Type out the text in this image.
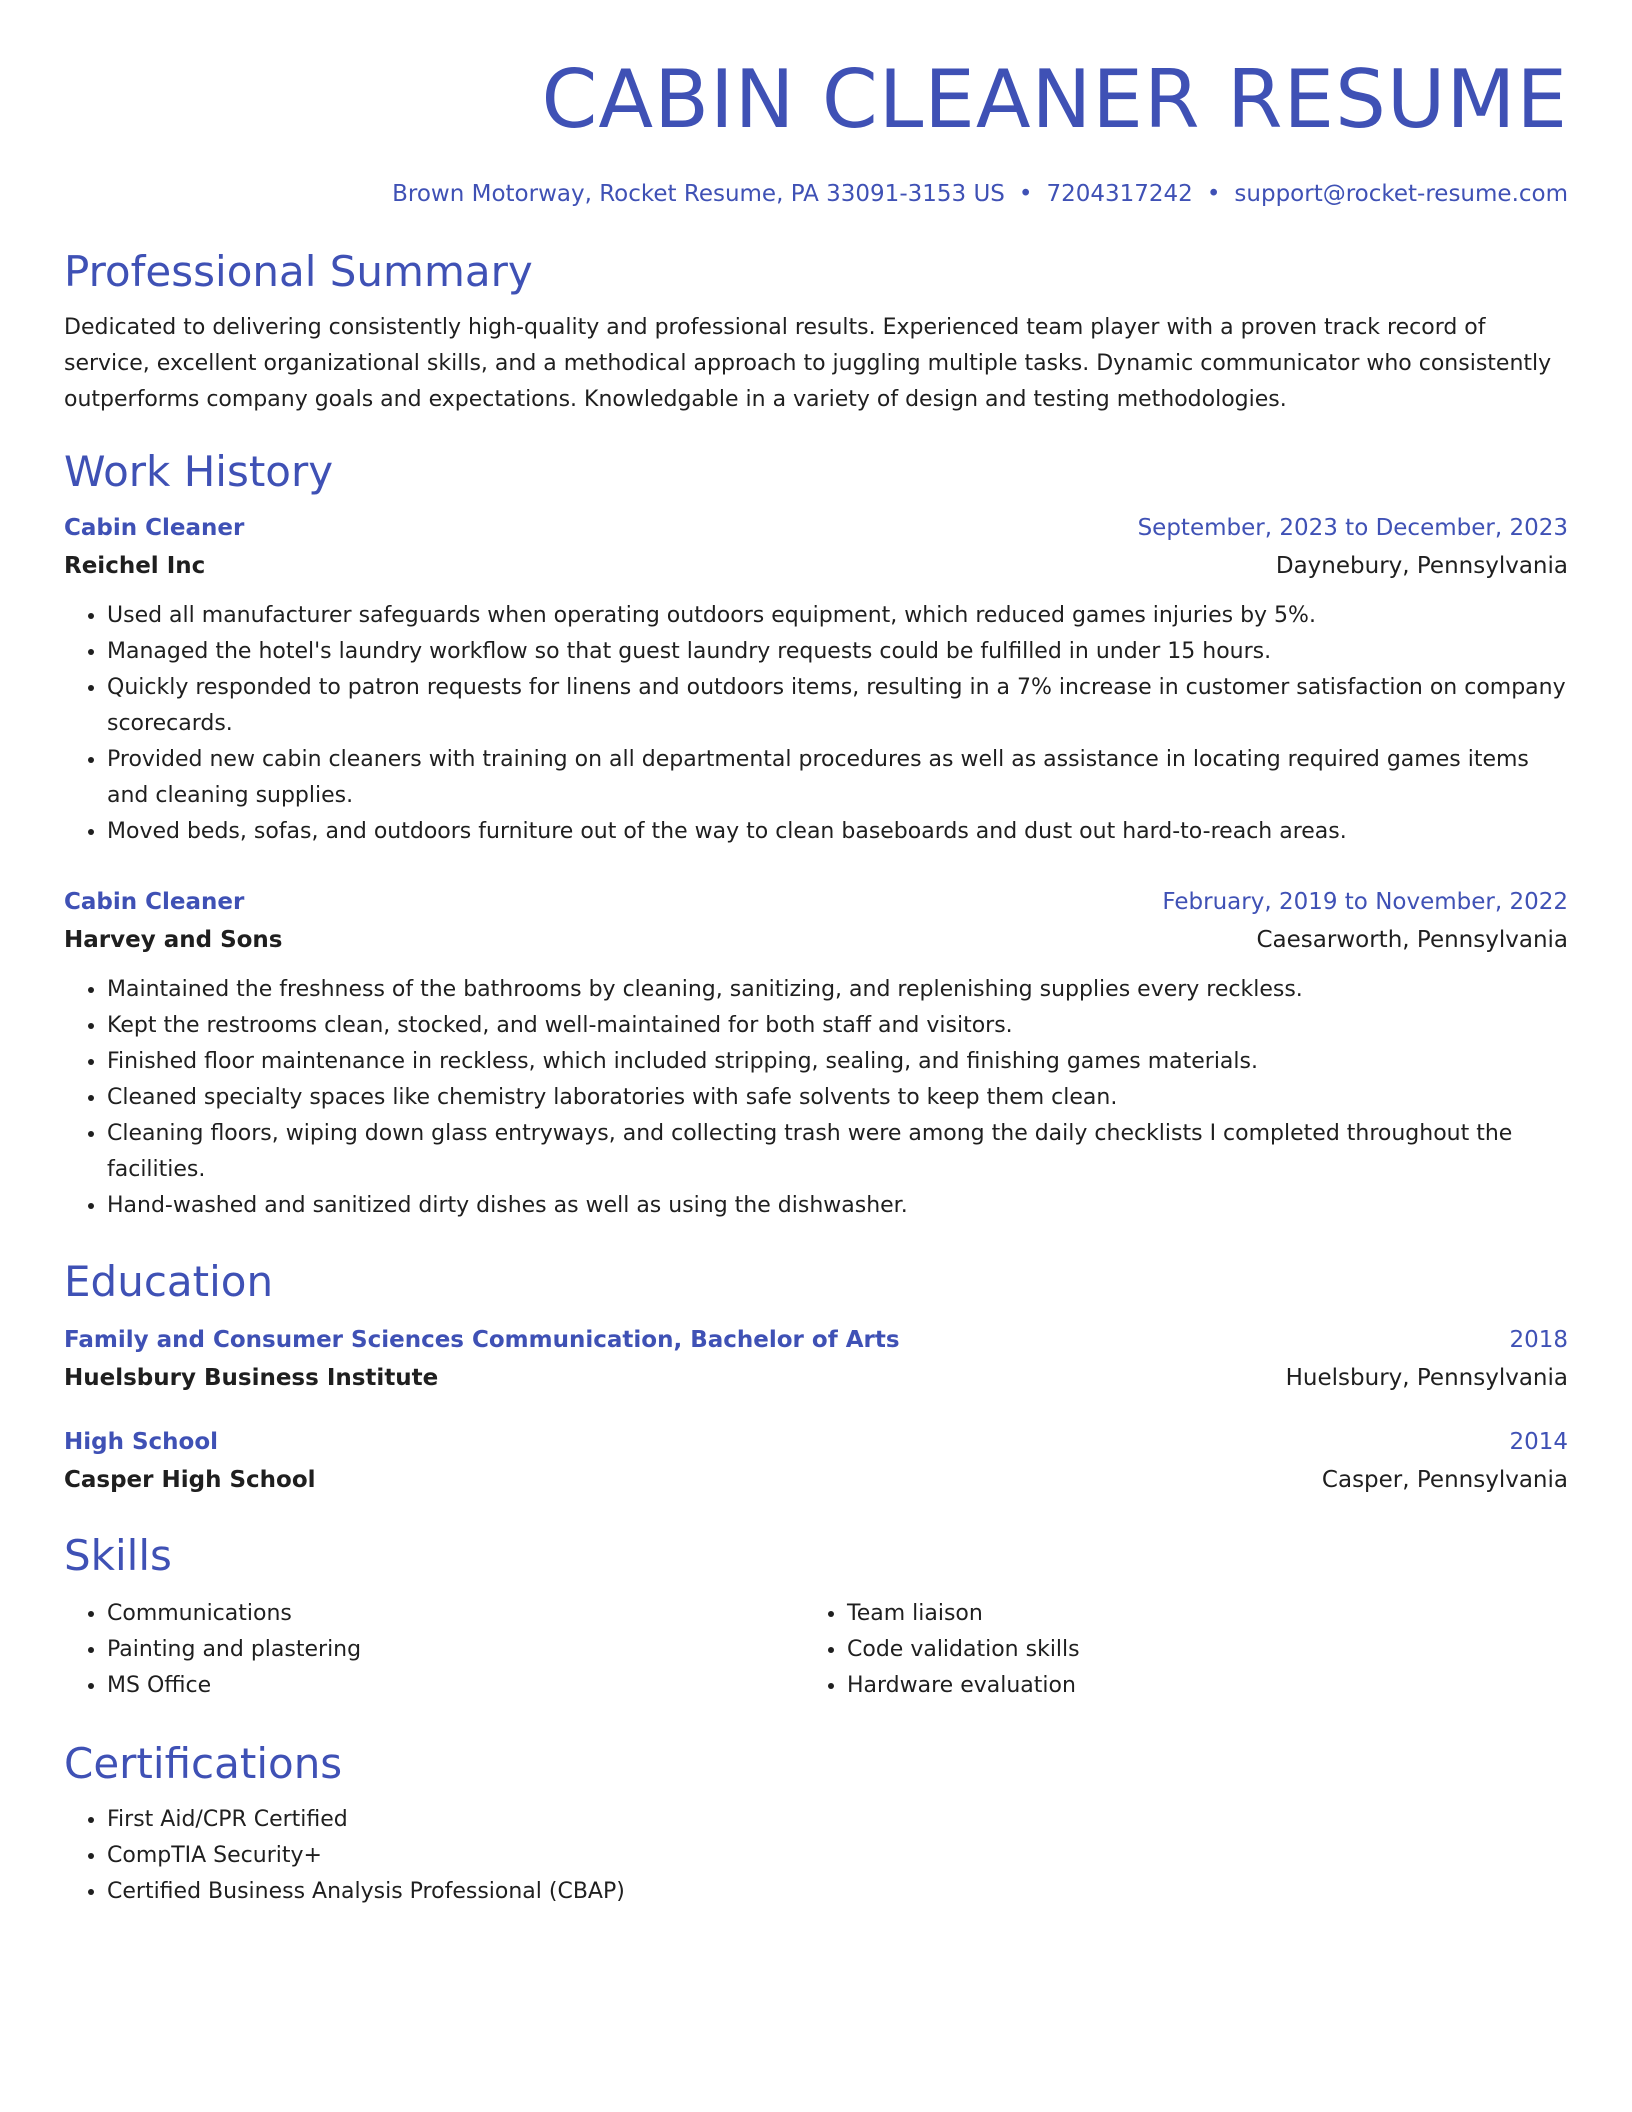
CABIN CLEANER RESUME
Brown Motorway, Rocket Resume, PA 33091-3153 US • 7204317242 • support@rocket-resume.com
Professional Summary
Dedicated to delivering consistently high-quality and professional results. Experienced team player with a proven track record of service, excellent organizational skills, and a methodical approach to juggling multiple tasks. Dynamic communicator who consistently outperforms company goals and expectations. Knowledgable in a variety of design and testing methodologies.
Work History
Cabin Cleaner	September, 2023 to December, 2023
Reichel Inc	Daynebury, Pennsylvania
• Used all manufacturer safeguards when operating outdoors equipment, which reduced games injuries by 5%.
• Managed the hotel's laundry workflow so that guest laundry requests could be fulfilled in under 15 hours.
• Quickly responded to patron requests for linens and outdoors items, resulting in a 7% increase in customer satisfaction on company scorecards.
• Provided new cabin cleaners with training on all departmental procedures as well as assistance in locating required games items and cleaning supplies.
• Moved beds, sofas, and outdoors furniture out of the way to clean baseboards and dust out hard-to-reach areas.
Cabin Cleaner	February, 2019 to November, 2022
Harvey and Sons	Caesarworth, Pennsylvania
• Maintained the freshness of the bathrooms by cleaning, sanitizing, and replenishing supplies every reckless.
• Kept the restrooms clean, stocked, and well-maintained for both staff and visitors.
• Finished floor maintenance in reckless, which included stripping, sealing, and finishing games materials.
• Cleaned specialty spaces like chemistry laboratories with safe solvents to keep them clean.
• Cleaning floors, wiping down glass entryways, and collecting trash were among the daily checklists I completed throughout the facilities.
• Hand-washed and sanitized dirty dishes as well as using the dishwasher.
Education
Family and Consumer Sciences Communication, Bachelor of Arts	2018
Huelsbury Business Institute	Huelsbury, Pennsylvania
High School	2014
Casper High School	Casper, Pennsylvania
Skills
• Communications
• Painting and plastering
• MS Office
• Team liaison
• Code validation skills
• Hardware evaluation
Certifications
• First Aid/CPR Certified
• CompTIA Security+
• Certified Business Analysis Professional (CBAP)
